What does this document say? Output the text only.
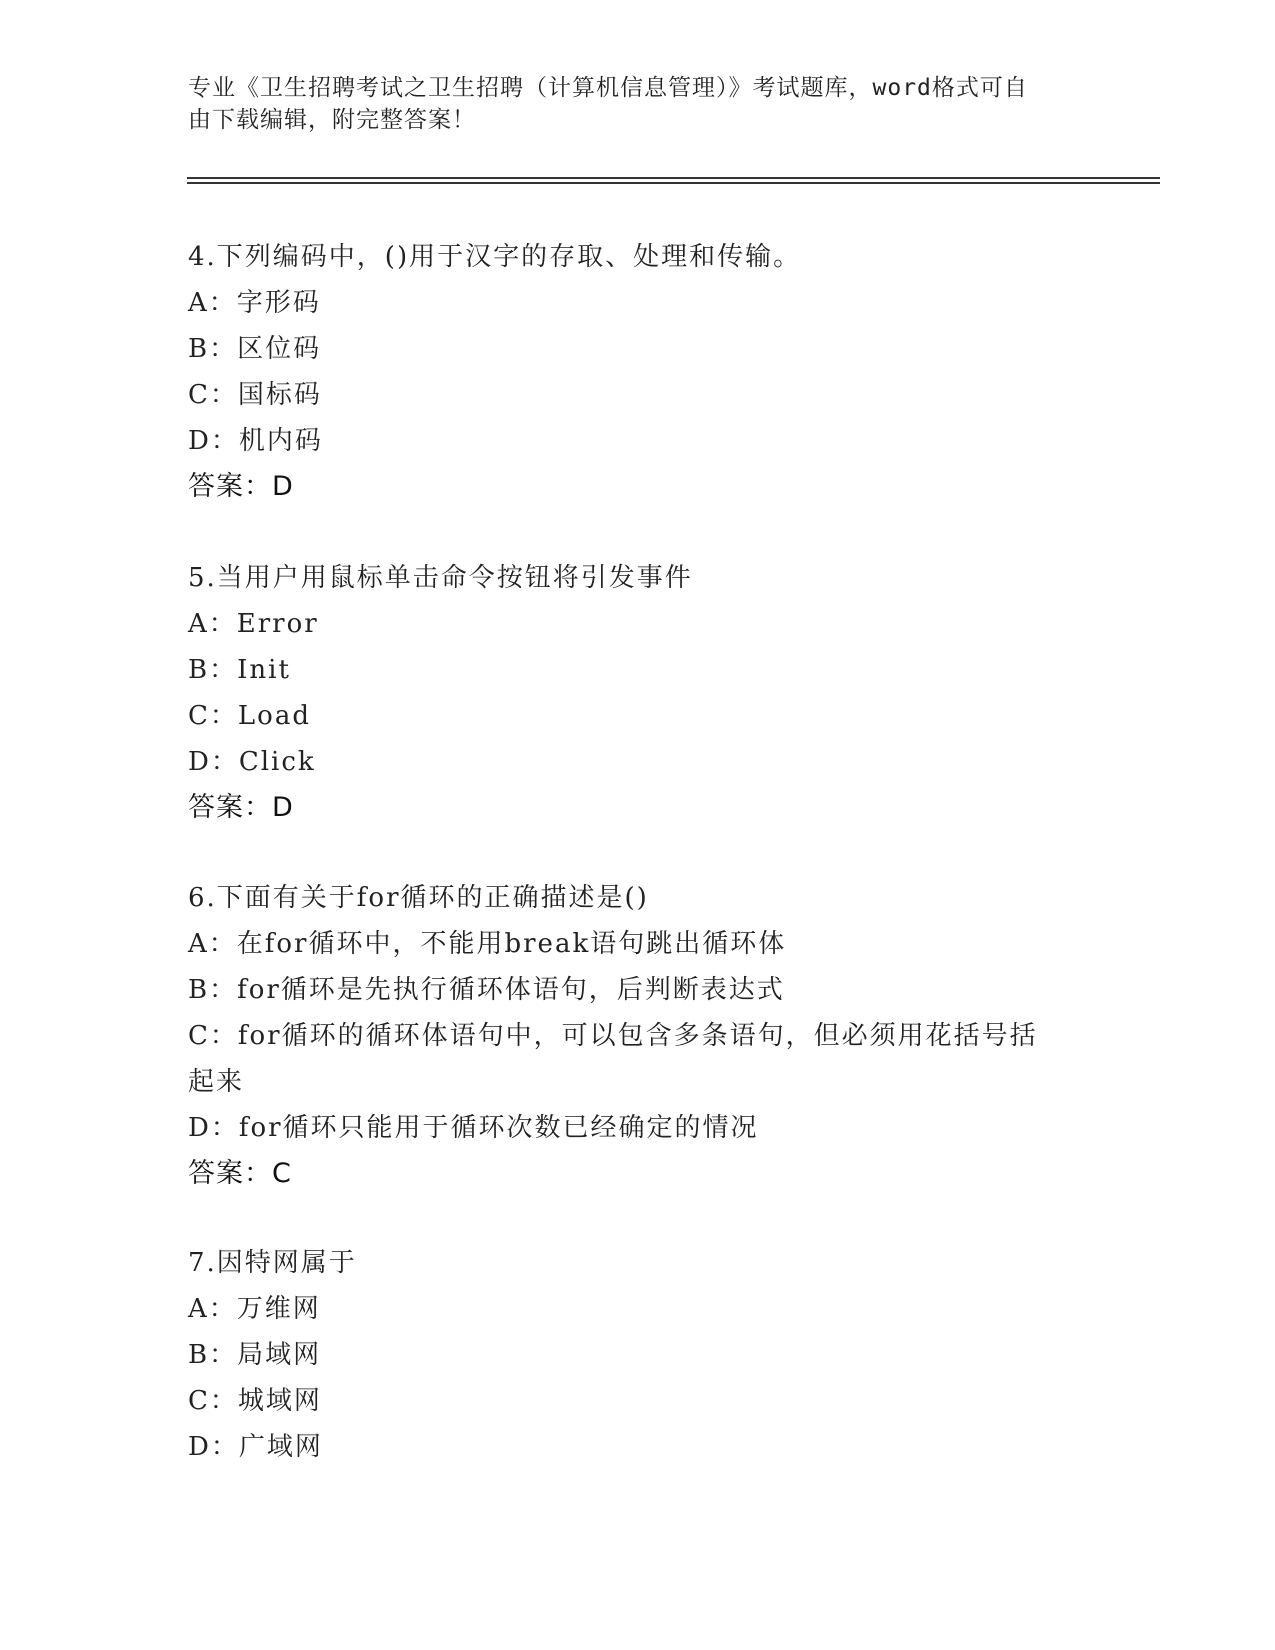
专业《卫生招聘考试之卫生招聘（计算机信息管理）》考试题库，word格式可自
由下载编辑，附完整答案！
4.下列编码中，()用于汉字的存取、处理和传输。
A：字形码
B：区位码
C：国标码
D：机内码
答案：D
5.当用户用鼠标单击命令按钮将引发事件
A：Error
B：Init
C：Load
D：Click
答案：D
6.下面有关于for循环的正确描述是()
A：在for循环中，不能用break语句跳出循环体
B：for循环是先执行循环体语句，后判断表达式
C：for循环的循环体语句中，可以包含多条语句，但必须用花括号括起来
D：for循环只能用于循环次数已经确定的情况
答案：C
7.因特网属于
A：万维网
B：局域网
C：城域网
D：广域网
